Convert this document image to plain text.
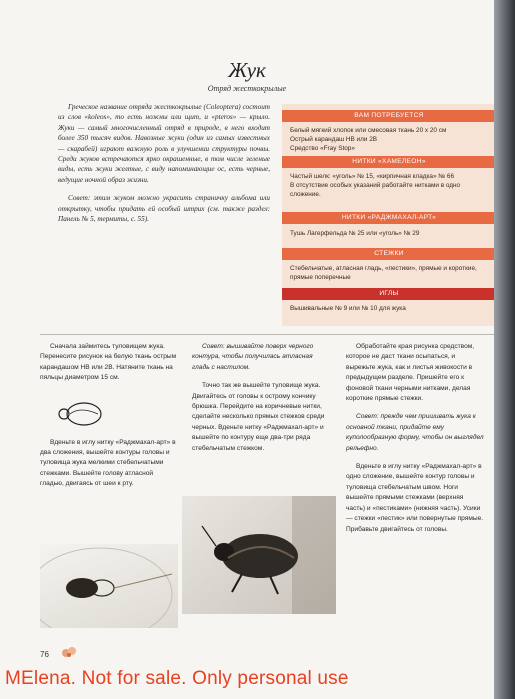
Жук
Отряд жесткокрылые

Греческое название отряда жесткокрылые (Coleoptera) состоит из слов «koleos», то есть ножны или щит, и «pteros» — крыло. Жуки — самый многочисленный отряд в природе, в него входит более 350 тысяч видов. Навозные жуки (один из самых известных — скарабей) играют важную роль в улучшении структуры почвы. Среди жуков встречаются ярко окрашенные, в том числе зеленые виды, есть жуки желтые, с виду напоминающие ос, есть черные, ведущие ночной образ жизни.

Совет: этим жуком можно украсить страничку альбома или открытку, чтобы придать ей особый штрих (см. также раздел: Панель № 5, термиты, с. 55).

ВАМ ПОТРЕБУЕТСЯ
Белый мягкий хлопок или смесовая ткань 20 x 20 см
Острый карандаш НВ или 2В
Средство «Fray Stop»
НИТКИ «ХАМЕЛЕОН»
Частый шелк: «уголь» № 15, «кирпичная кладка» № 66
В отсутствие особых указаний работайте нитками в одно сложение.
НИТКИ «РАДЖМАХАЛ-АРТ»
Тушь Лагерфельда № 25 или «уголь» № 29
СТЕЖКИ
Стебельчатые, атласная гладь, «пестики», прямые и короткие, прямые поперечные
ИГЛЫ
Вышивальные № 9 или № 10 для жука

Сначала займитесь туловищем жука. Перенесите рисунок на белую ткань острым карандашом НВ или 2В. Натяните ткань на пяльцы диаметром 15 см.

Вденьте в иглу нитку «Раджмахал-арт» в два сложения, вышейте контуры головы и туловища жука мелкими стебельчатыми стежками. Вышейте голову атласной гладью, двигаясь от шеи к рту.

Совет: вышивайте поверх черного контура, чтобы получилась атласная гладь с настилом.

Точно так же вышейте туловище жука. Двигайтесь от головы к острому кончику брюшка. Перейдите на коричневые нитки, сделайте несколько прямых стежков среди черных. Вденьте нитку «Раджмахал-арт» и вышейте по контуру еще два-три ряда стебельчатым стежком.

Обработайте края рисунка средством, которое не даст ткани осыпаться, и вырежьте жука, как и листья живокости в предыдущем разделе. Пришейте его к фоновой ткани черными нитками, делая короткие прямые стежки.

Совет: прежде чем пришивать жука к основной ткани, придайте ему куполообразную форму, чтобы он выглядел рельефно.

Вденьте в иглу нитку «Раджмахал-арт» в одно сложение, вышейте контур головы и туловища стебельчатым швом. Ноги вышейте прямыми стежками (верхняя часть) и «пестиками» (нижняя часть). Усики — стежки «пестик» или повернутые прямые. Прибавьте двигайтесь от головы.

76
MElena. Not for sale. Only personal use
